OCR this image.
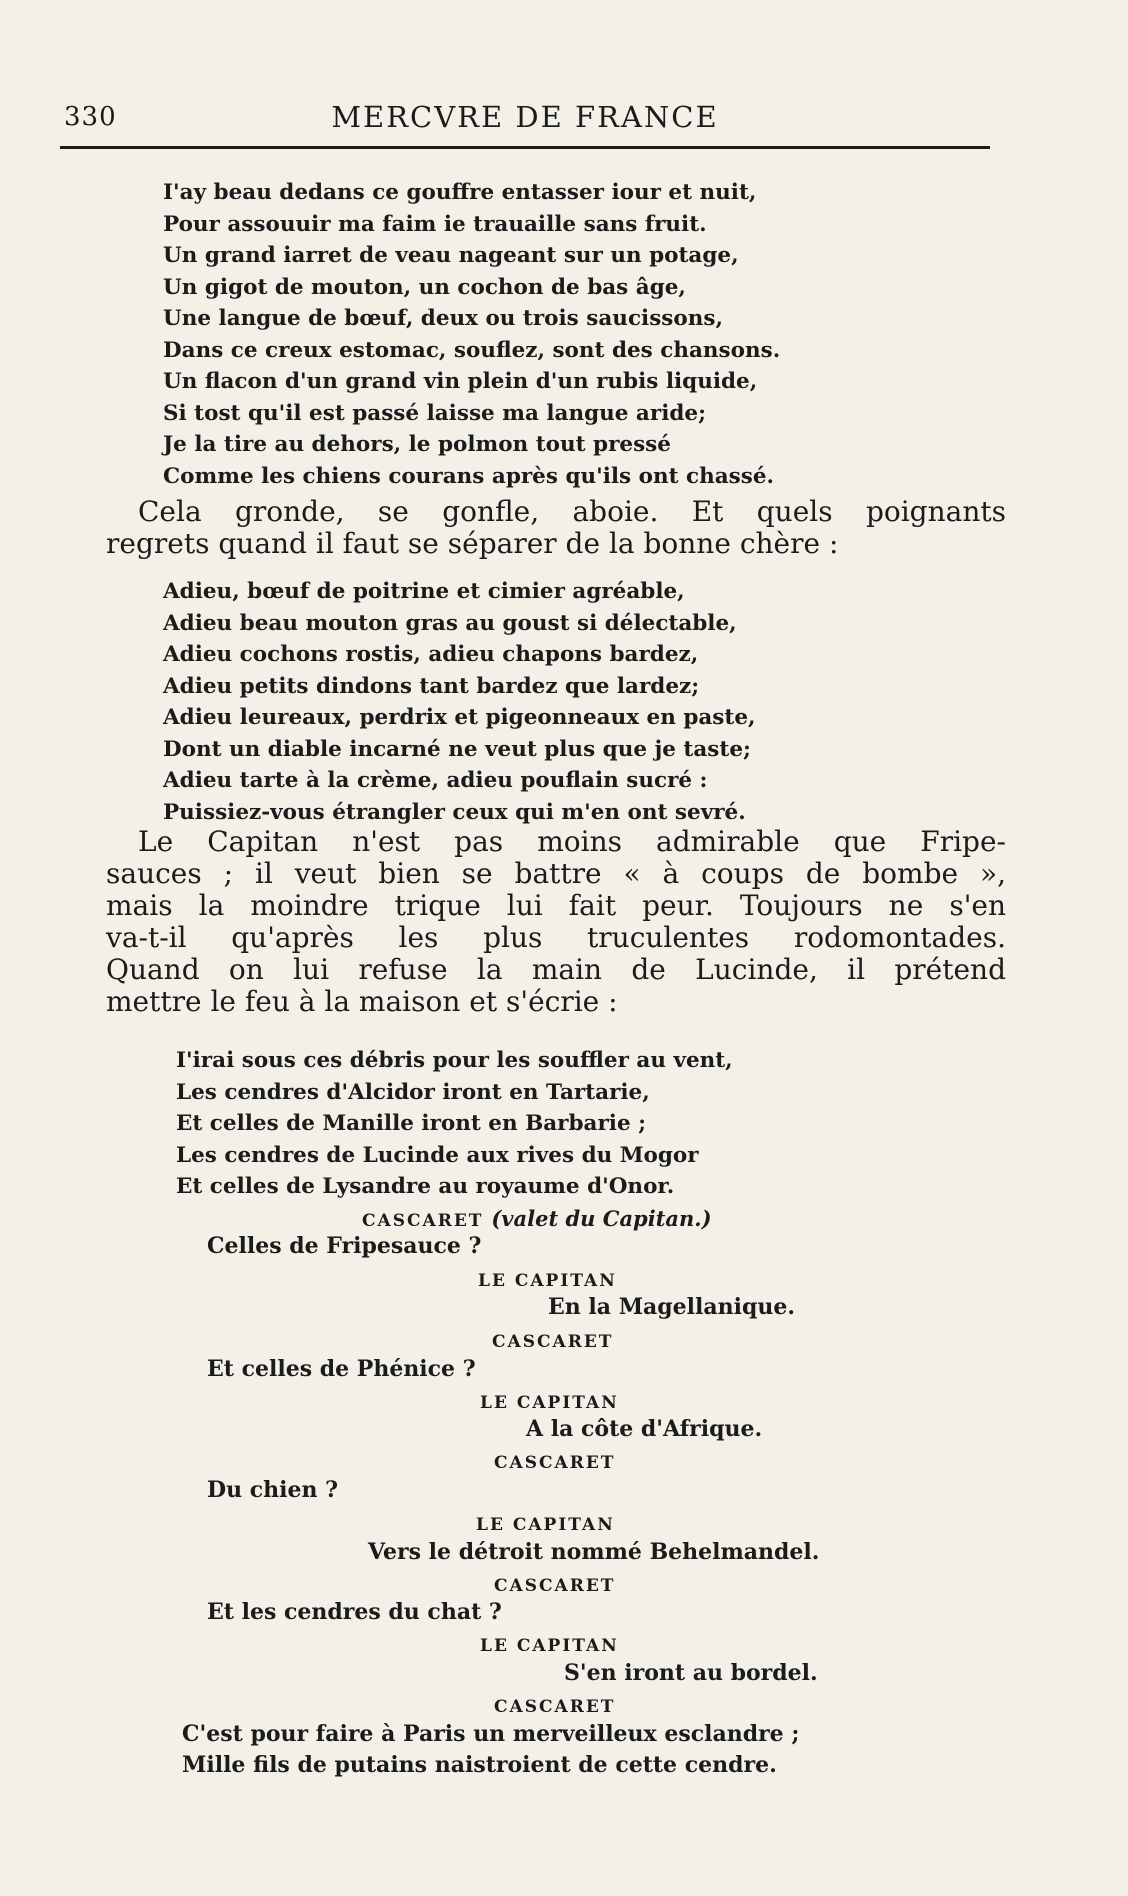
330	MERCVRE DE FRANCE
I'ay beau dedans ce gouffre entasser iour et nuit,
Pour assouuir ma faim ie trauaille sans fruit.
Un grand iarret de veau nageant sur un potage,
Un gigot de mouton, un cochon de bas âge,
Une langue de bœuf, deux ou trois saucissons,
Dans ce creux estomac, souflez, sont des chansons.
Un flacon d'un grand vin plein d'un rubis liquide,
Si tost qu'il est passé laisse ma langue aride;
Je la tire au dehors, le polmon tout pressé
Comme les chiens courans après qu'ils ont chassé.
Cela gronde, se gonfle, aboie. Et quels poignants
regrets quand il faut se séparer de la bonne chère :
Adieu, bœuf de poitrine et cimier agréable,
Adieu beau mouton gras au goust si délectable,
Adieu cochons rostis, adieu chapons bardez,
Adieu petits dindons tant bardez que lardez;
Adieu leureaux, perdrix et pigeonneaux en paste,
Dont un diable incarné ne veut plus que je taste;
Adieu tarte à la crème, adieu pouflain sucré :
Puissiez-vous étrangler ceux qui m'en ont sevré.
Le Capitan n'est pas moins admirable que Fripe-
sauces ; il veut bien se battre « à coups de bombe »,
mais la moindre trique lui fait peur. Toujours ne s'en
va-t-il qu'après les plus truculentes rodomontades.
Quand on lui refuse la main de Lucinde, il prétend
mettre le feu à la maison et s'écrie :
I'irai sous ces débris pour les souffler au vent,
Les cendres d'Alcidor iront en Tartarie,
Et celles de Manille iront en Barbarie ;
Les cendres de Lucinde aux rives du Mogor
Et celles de Lysandre au royaume d'Onor.
CASCARET (valet du Capitan.)
Celles de Fripesauce ?
LE CAPITAN
En la Magellanique.
CASCARET
Et celles de Phénice ?
LE CAPITAN
A la côte d'Afrique.
CASCARET
Du chien ?
LE CAPITAN
Vers le détroit nommé Behelmandel.
CASCARET
Et les cendres du chat ?
LE CAPITAN
S'en iront au bordel.
CASCARET
C'est pour faire à Paris un merveilleux esclandre ;
Mille fils de putains naistroient de cette cendre.
